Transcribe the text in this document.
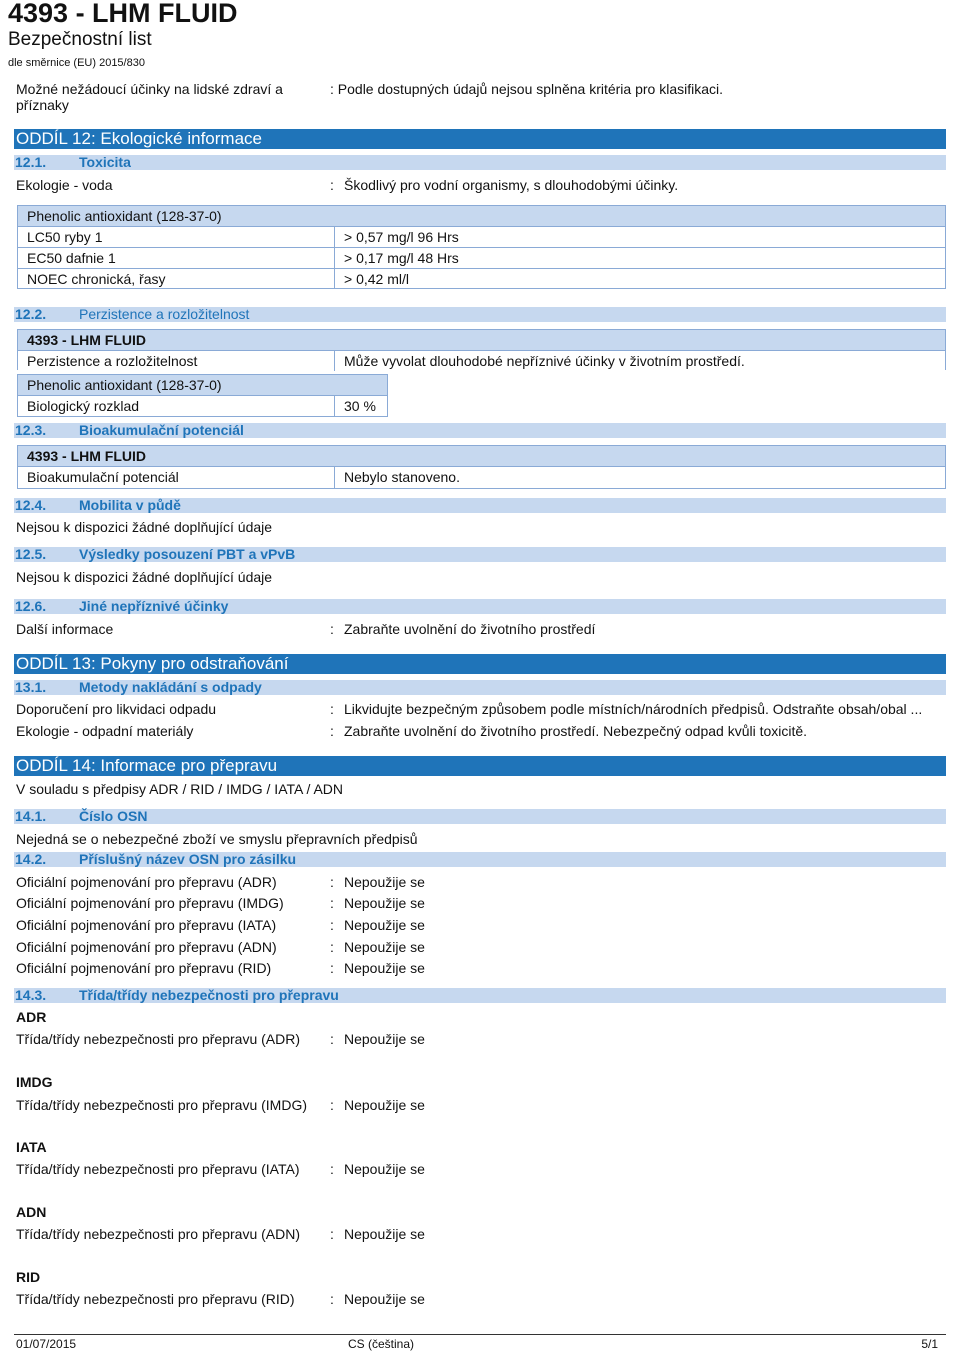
4393 - LHM FLUID
Bezpečnostní list
dle směrnice (EU) 2015/830
Možné nežádoucí účinky na lidské zdraví a
příznaky
: Podle dostupných údajů nejsou splněna kritéria pro klasifikaci.
ODDÍL 12: Ekologické informace
12.1. Toxicita
Ekologie - voda	: Škodlivý pro vodní organismy, s dlouhodobými účinky.
Phenolic antioxidant (128-37-0)
LC50 ryby 1	> 0,57 mg/l 96 Hrs
EC50 dafnie 1	> 0,17 mg/l 48 Hrs
NOEC chronická, řasy	> 0,42 ml/l
12.2. Perzistence a rozložitelnost
4393 - LHM FLUID
Perzistence a rozložitelnost	Může vyvolat dlouhodobé nepříznivé účinky v životním prostředí.
Phenolic antioxidant (128-37-0)
Biologický rozklad	30 %
12.3. Bioakumulační potenciál
4393 - LHM FLUID
Bioakumulační potenciál	Nebylo stanoveno.
12.4. Mobilita v půdě
Nejsou k dispozici žádné doplňující údaje
12.5. Výsledky posouzení PBT a vPvB
Nejsou k dispozici žádné doplňující údaje
12.6. Jiné nepříznivé účinky
Další informace	: Zabraňte uvolnění do životního prostředí
ODDÍL 13: Pokyny pro odstraňování
13.1. Metody nakládání s odpady
Doporučení pro likvidaci odpadu	: Likvidujte bezpečným způsobem podle místních/národních předpisů. Odstraňte obsah/obal ...
Ekologie - odpadní materiály	: Zabraňte uvolnění do životního prostředí. Nebezpečný odpad kvůli toxicitě.
ODDÍL 14: Informace pro přepravu
V souladu s předpisy ADR / RID / IMDG / IATA / ADN
14.1. Číslo OSN
Nejedná se o nebezpečné zboží ve smyslu přepravních předpisů
14.2. Příslušný název OSN pro zásilku
Oficiální pojmenování pro přepravu (ADR)	: Nepoužije se
Oficiální pojmenování pro přepravu (IMDG)	: Nepoužije se
Oficiální pojmenování pro přepravu (IATA)	: Nepoužije se
Oficiální pojmenování pro přepravu (ADN)	: Nepoužije se
Oficiální pojmenování pro přepravu (RID)	: Nepoužije se
14.3. Třída/třídy nebezpečnosti pro přepravu
ADR
Třída/třídy nebezpečnosti pro přepravu (ADR) : Nepoužije se
IMDG
Třída/třídy nebezpečnosti pro přepravu (IMDG) : Nepoužije se
IATA
Třída/třídy nebezpečnosti pro přepravu (IATA) : Nepoužije se
ADN
Třída/třídy nebezpečnosti pro přepravu (ADN) : Nepoužije se
RID
Třída/třídy nebezpečnosti pro přepravu (RID)	: Nepoužije se
01/07/2015	CS (čeština)	5/1
